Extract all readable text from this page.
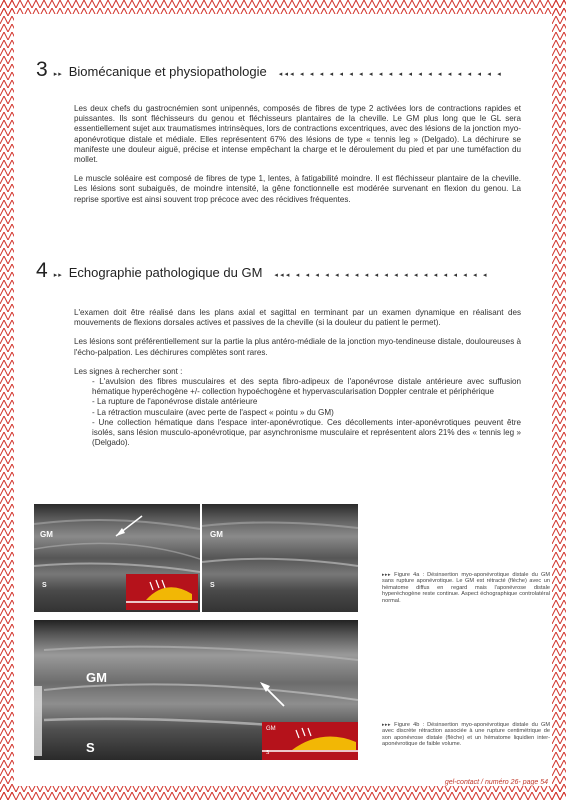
3 ▸▸ Biomécanique et physiopathologie ◂◂◂ ◂ ◂ ◂ ◂ ◂ ◂ ◂ ◂ ◂ ◂ ◂ ◂ ◂ ◂ ◂ ◂ ◂ ◂ ◂ ◂ ◂

Les deux chefs du gastrocnémien sont unipennés, composés de fibres de type 2 activées lors de contractions rapides et puissantes. Ils sont fléchisseurs du genou et fléchisseurs plantaires de la cheville. Le GM plus long que le GL sera essentiellement sujet aux traumatismes intrinsèques, lors de contractions excentriques, avec des lésions de la jonction myo-aponévrotique distale et médiale. Elles représentent 67% des lésions de type « tennis leg » (Delgado). La déchirure se manifeste une douleur aiguë, précise et intense empêchant la charge et le déroulement du pied et par une tuméfaction du mollet.

Le muscle soléaire est composé de fibres de type 1, lentes, à fatigabilité moindre. Il est fléchisseur plantaire de la cheville. Les lésions sont subaiguës, de moindre intensité, la gêne fonctionnelle est modérée survenant en flexion du genou. La reprise sportive est ainsi souvent trop précoce avec des récidives fréquentes.

4 ▸▸ Echographie pathologique du GM ◂◂◂ ◂ ◂ ◂ ◂ ◂ ◂ ◂ ◂ ◂ ◂ ◂ ◂ ◂ ◂ ◂ ◂ ◂ ◂ ◂ ◂

L'examen doit être réalisé dans les plans axial et sagittal en terminant par un examen dynamique en réalisant des mouvements de flexions dorsales actives et passives de la cheville (si la douleur du patient le permet).

Les lésions sont préférentiellement sur la partie la plus antéro-médiale de la jonction myo-tendineuse distale, douloureuses à l'écho-palpation. Les déchirures complètes sont rares.

Les signes à rechercher sont :

- L'avulsion des fibres musculaires et des septa fibro-adipeux de l'aponévrose distale antérieure avec suffusion hématique hyperéchogène +/- collection hypoéchogène et hypervascularisation Doppler centrale et périphérique
- La rupture de l'aponévrose distale antérieure
- La rétraction musculaire (avec perte de l'aspect « pointu » du GM)
- Une collection hématique dans l'espace inter-aponévrotique. Ces décollements inter-aponévrotiques peuvent être isolés, sans lésion musculo-aponévrotique, par asynchronisme musculaire et représentent alors 21% des « tennis leg » (Delgado).
GM
S
GM
S
▸▸▸ Figure 4a : Désinsertion myo-aponévrotique distale du GM sans rupture aponévrotique. Le GM est rétracté (flèche) avec un hématome diffus en regard mais l'aponévrose distale hyperéchogène reste continue. Aspect échographique controlatéral normal.
GM
S
GM
S
▸▸▸ Figure 4b : Désinsertion myo-aponévrotique distale du GM avec discrète rétraction associée à une rupture centimétrique de son aponévrose distale (flèche) et un hématome liquidien inter-aponévrotique de faible volume.
gel-contact / numéro 26- page 54
